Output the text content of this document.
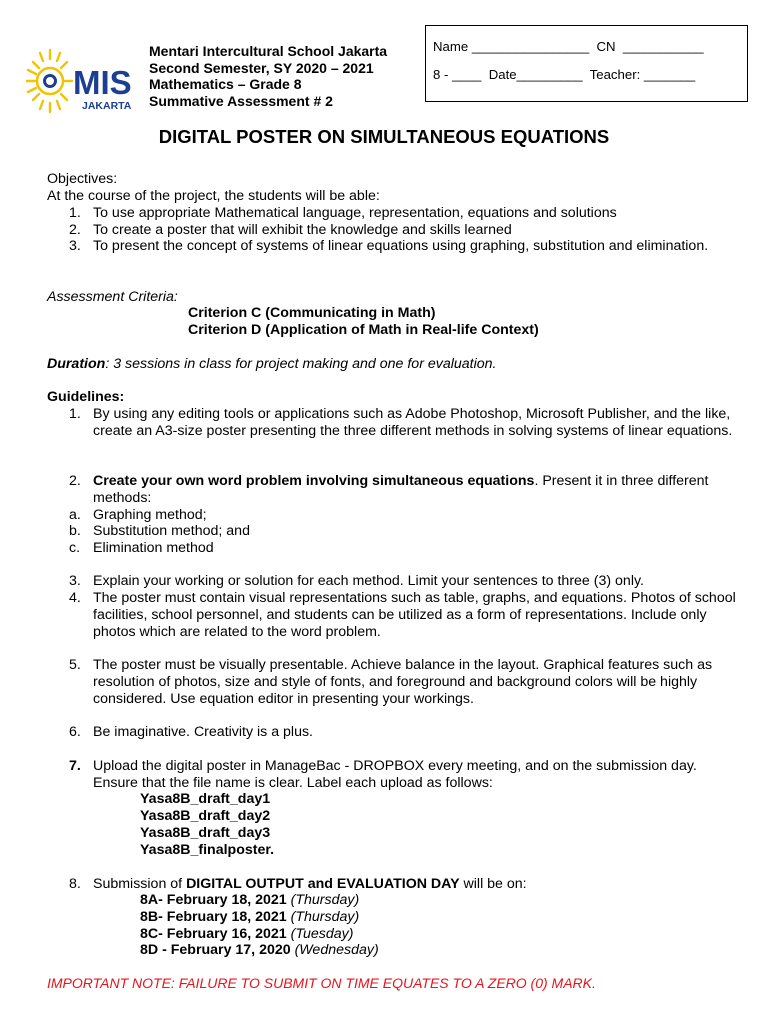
MIS
JAKARTA
Mentari Intercultural School Jakarta
Second Semester, SY 2020 – 2021
Mathematics – Grade 8
Summative Assessment # 2
Name ________________  CN  ___________
8 - ____  Date_________  Teacher: _______
DIGITAL POSTER ON SIMULTANEOUS EQUATIONS
Objectives:
At the course of the project, the students will be able:
1. To use appropriate Mathematical language, representation, equations and solutions
2. To create a poster that will exhibit the knowledge and skills learned
3. To present the concept of systems of linear equations using graphing, substitution and elimination.
Assessment Criteria:
Criterion C (Communicating in Math)
Criterion D (Application of Math in Real-life Context)
Duration: 3 sessions in class for project making and one for evaluation.
Guidelines:
1. By using any editing tools or applications such as Adobe Photoshop, Microsoft Publisher, and the like, create an A3-size poster presenting the three different methods in solving systems of linear equations.
2. Create your own word problem involving simultaneous equations. Present it in three different methods:
a. Graphing method;
b. Substitution method; and
c. Elimination method
3. Explain your working or solution for each method. Limit your sentences to three (3) only.
4. The poster must contain visual representations such as table, graphs, and equations. Photos of school facilities, school personnel, and students can be utilized as a form of representations. Include only photos which are related to the word problem.
5. The poster must be visually presentable. Achieve balance in the layout. Graphical features such as resolution of photos, size and style of fonts, and foreground and background colors will be highly considered. Use equation editor in presenting your workings.
6. Be imaginative. Creativity is a plus.
7. Upload the digital poster in ManageBac - DROPBOX every meeting, and on the submission day. Ensure that the file name is clear. Label each upload as follows:
Yasa8B_draft_day1
Yasa8B_draft_day2
Yasa8B_draft_day3
Yasa8B_finalposter.
8. Submission of DIGITAL OUTPUT and EVALUATION DAY will be on:
8A- February 18, 2021 (Thursday)
8B- February 18, 2021 (Thursday)
8C- February 16, 2021 (Tuesday)
8D - February 17, 2020 (Wednesday)
IMPORTANT NOTE: FAILURE TO SUBMIT ON TIME EQUATES TO A ZERO (0) MARK.
